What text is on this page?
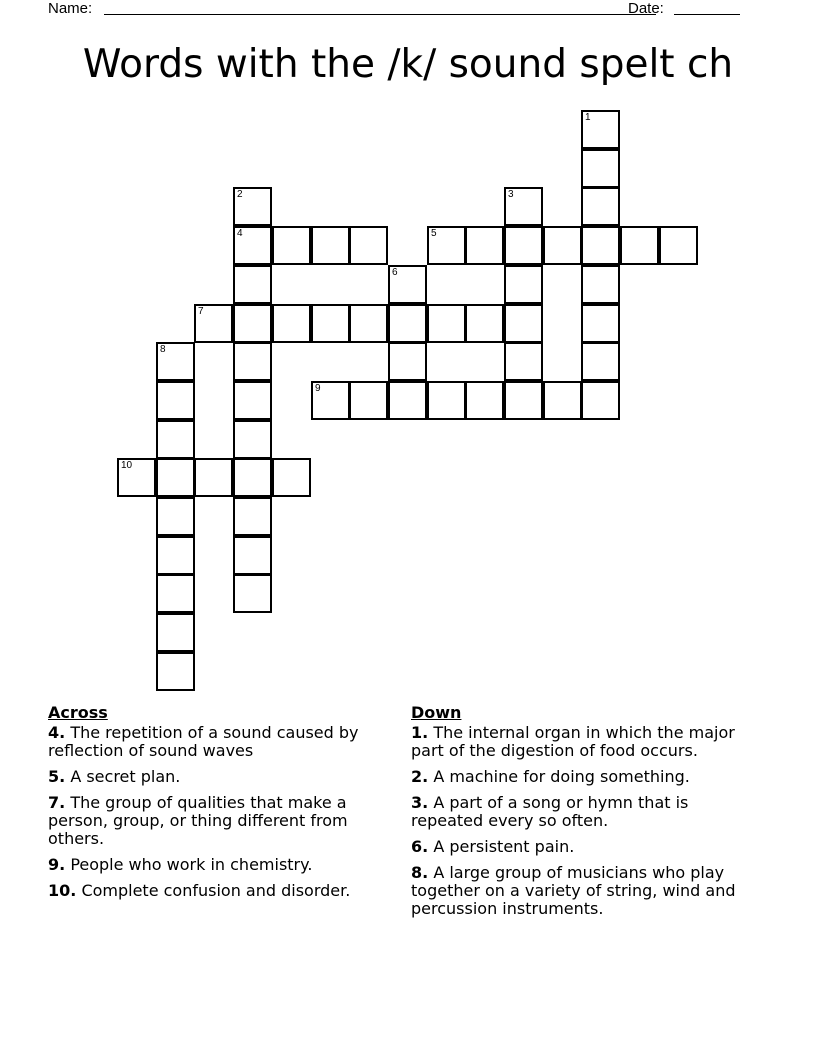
Name:	Date:
Words with the /k/ sound spelt ch
1
2
4
3
5
6
7
8
9
10
Across
4. The repetition of a sound caused by reflection of sound waves
5. A secret plan.
7. The group of qualities that make a person, group, or thing different from others.
9. People who work in chemistry.
10. Complete confusion and disorder.
Down
1. The internal organ in which the major part of the digestion of food occurs.
2. A machine for doing something.
3. A part of a song or hymn that is repeated every so often.
6. A persistent pain.
8. A large group of musicians who play together on a variety of string, wind and percussion instruments.
